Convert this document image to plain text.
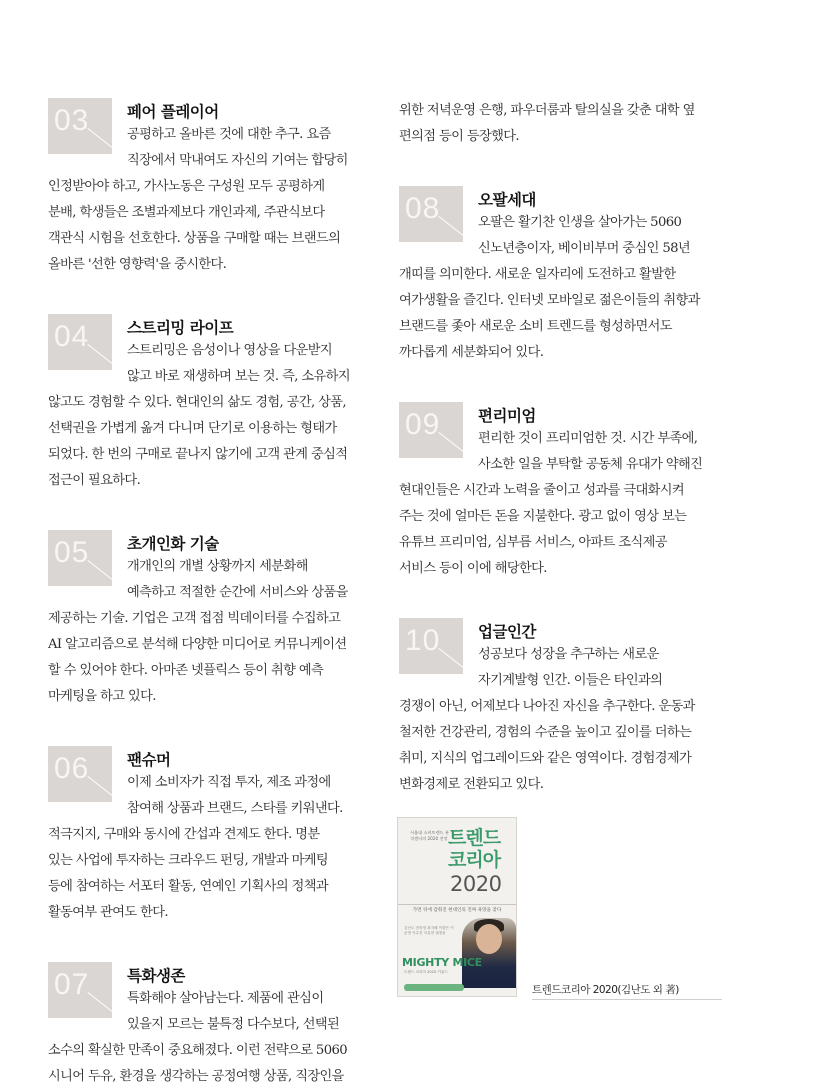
03 페어 플레이어

공평하고 올바른 것에 대한 추구. 요즘

직장에서 막내여도 자신의 기여는 합당히

인정받아야 하고, 가사노동은 구성원 모두 공평하게

분배, 학생들은 조별과제보다 개인과제, 주관식보다

객관식 시험을 선호한다. 상품을 구매할 때는 브랜드의

올바른 '선한 영향력'을 중시한다.

04 스트리밍 라이프

스트리밍은 음성이나 영상을 다운받지

않고 바로 재생하며 보는 것. 즉, 소유하지

않고도 경험할 수 있다. 현대인의 삶도 경험, 공간, 상품,

선택권을 가볍게 옮겨 다니며 단기로 이용하는 형태가

되었다. 한 번의 구매로 끝나지 않기에 고객 관계 중심적

접근이 필요하다.

05 초개인화 기술

개개인의 개별 상황까지 세분화해

예측하고 적절한 순간에 서비스와 상품을

제공하는 기술. 기업은 고객 접점 빅데이터를 수집하고

AI 알고리즘으로 분석해 다양한 미디어로 커뮤니케이션

할 수 있어야 한다. 아마존 넷플릭스 등이 취향 예측

마케팅을 하고 있다.

06 팬슈머

이제 소비자가 직접 투자, 제조 과정에

참여해 상품과 브랜드, 스타를 키워낸다.

적극지지, 구매와 동시에 간섭과 견제도 한다. 명분

있는 사업에 투자하는 크라우드 펀딩, 개발과 마케팅

등에 참여하는 서포터 활동, 연예인 기획사의 정책과

활동여부 관여도 한다.

07 특화생존

특화해야 살아남는다. 제품에 관심이

있을지 모르는 불특정 다수보다, 선택된

소수의 확실한 만족이 중요해졌다. 이런 전략으로 5060

시니어 두유, 환경을 생각하는 공정여행 상품, 직장인을

위한 저녁운영 은행, 파우더룸과 탈의실을 갖춘 대학 옆

편의점 등이 등장했다.

08 오팔세대

오팔은 활기찬 인생을 살아가는 5060

신노년층이자, 베이비부머 중심인 58년

개띠를 의미한다. 새로운 일자리에 도전하고 활발한

여가생활을 즐긴다. 인터넷 모바일로 젊은이들의 취향과

브랜드를 좇아 새로운 소비 트렌드를 형성하면서도

까다롭게 세분화되어 있다.

09 편리미엄

편리한 것이 프리미엄한 것. 시간 부족에,

사소한 일을 부탁할 공동체 유대가 약해진

현대인들은 시간과 노력을 줄이고 성과를 극대화시켜

주는 것에 얼마든 돈을 지불한다. 광고 없이 영상 보는

유튜브 프리미엄, 심부름 서비스, 아파트 조식제공

서비스 등이 이에 해당한다.

10 업글인간

성공보다 성장을 추구하는 새로운

자기계발형 인간. 이들은 타인과의

경쟁이 아닌, 어제보다 나아진 자신을 추구한다. 운동과

철저한 건강관리, 경험의 수준을 높이고 깊이를 더하는

취미, 지식의 업그레이드와 같은 영역이다. 경험경제가

변화경제로 전환되고 있다.

서울대 소비트렌드 분석센터의 2020 전망 트렌드
코리아
2020
가면 뒤에 감춰진 현대인의 진짜 욕망을 찾다
김난도 전미영 최지혜 이향은 이준영 이수진 서유현 권정윤
MIGHTY MICE
트렌드 코리아 2020 키워드
트렌드코리아 2020(김난도 외 著)
